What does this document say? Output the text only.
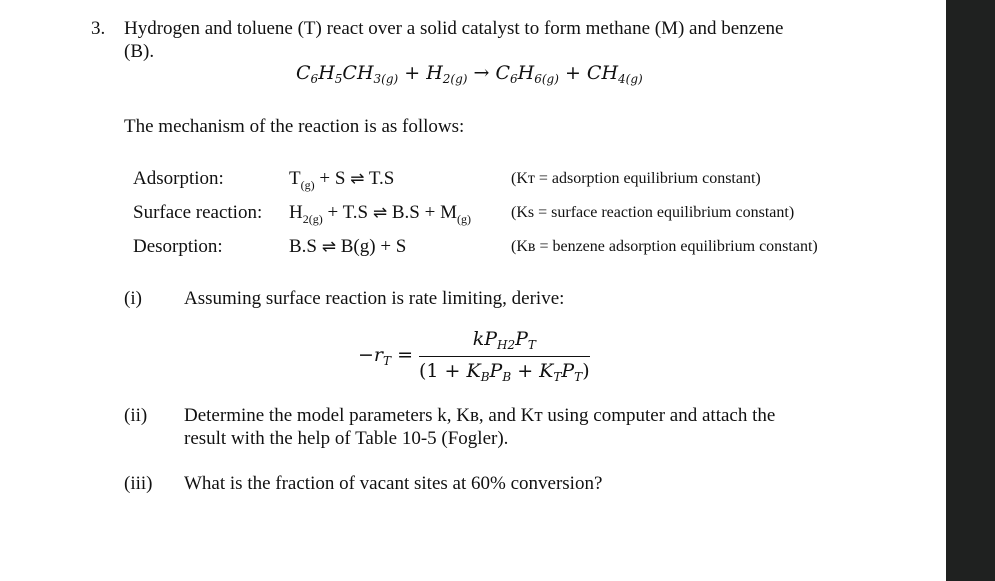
3. Hydrogen and toluene (T) react over a solid catalyst to form methane (M) and benzene
(B).
$C_6H_5CH_{3(g)} + H_{2(g)} \to C_6H_{6(g)} + CH_{4(g)}$
The mechanism of the reaction is as follows:
Adsorption:	$T_{(g)} + S$ ⇌ T.S	(Kᴛ = adsorption equilibrium constant)
Surface reaction: $H_{2(g)} + T.S$ ⇌ $B.S + M_{(g)}$	(Ks = surface reaction equilibrium constant)
Desorption:	B.S ⇌ B(g) + S	(Kʙ = benzene adsorption equilibrium constant)
(i) Assuming surface reaction is rate limiting, derive:
$-r_T = \frac{kP_{H2}P_T}{(1 + K_BP_B + K_TP_T)}$
(ii) Determine the model parameters k, Kʙ, and Kᴛ using computer and attach the
result with the help of Table 10-5 (Fogler).
(iii) What is the fraction of vacant sites at 60% conversion?
